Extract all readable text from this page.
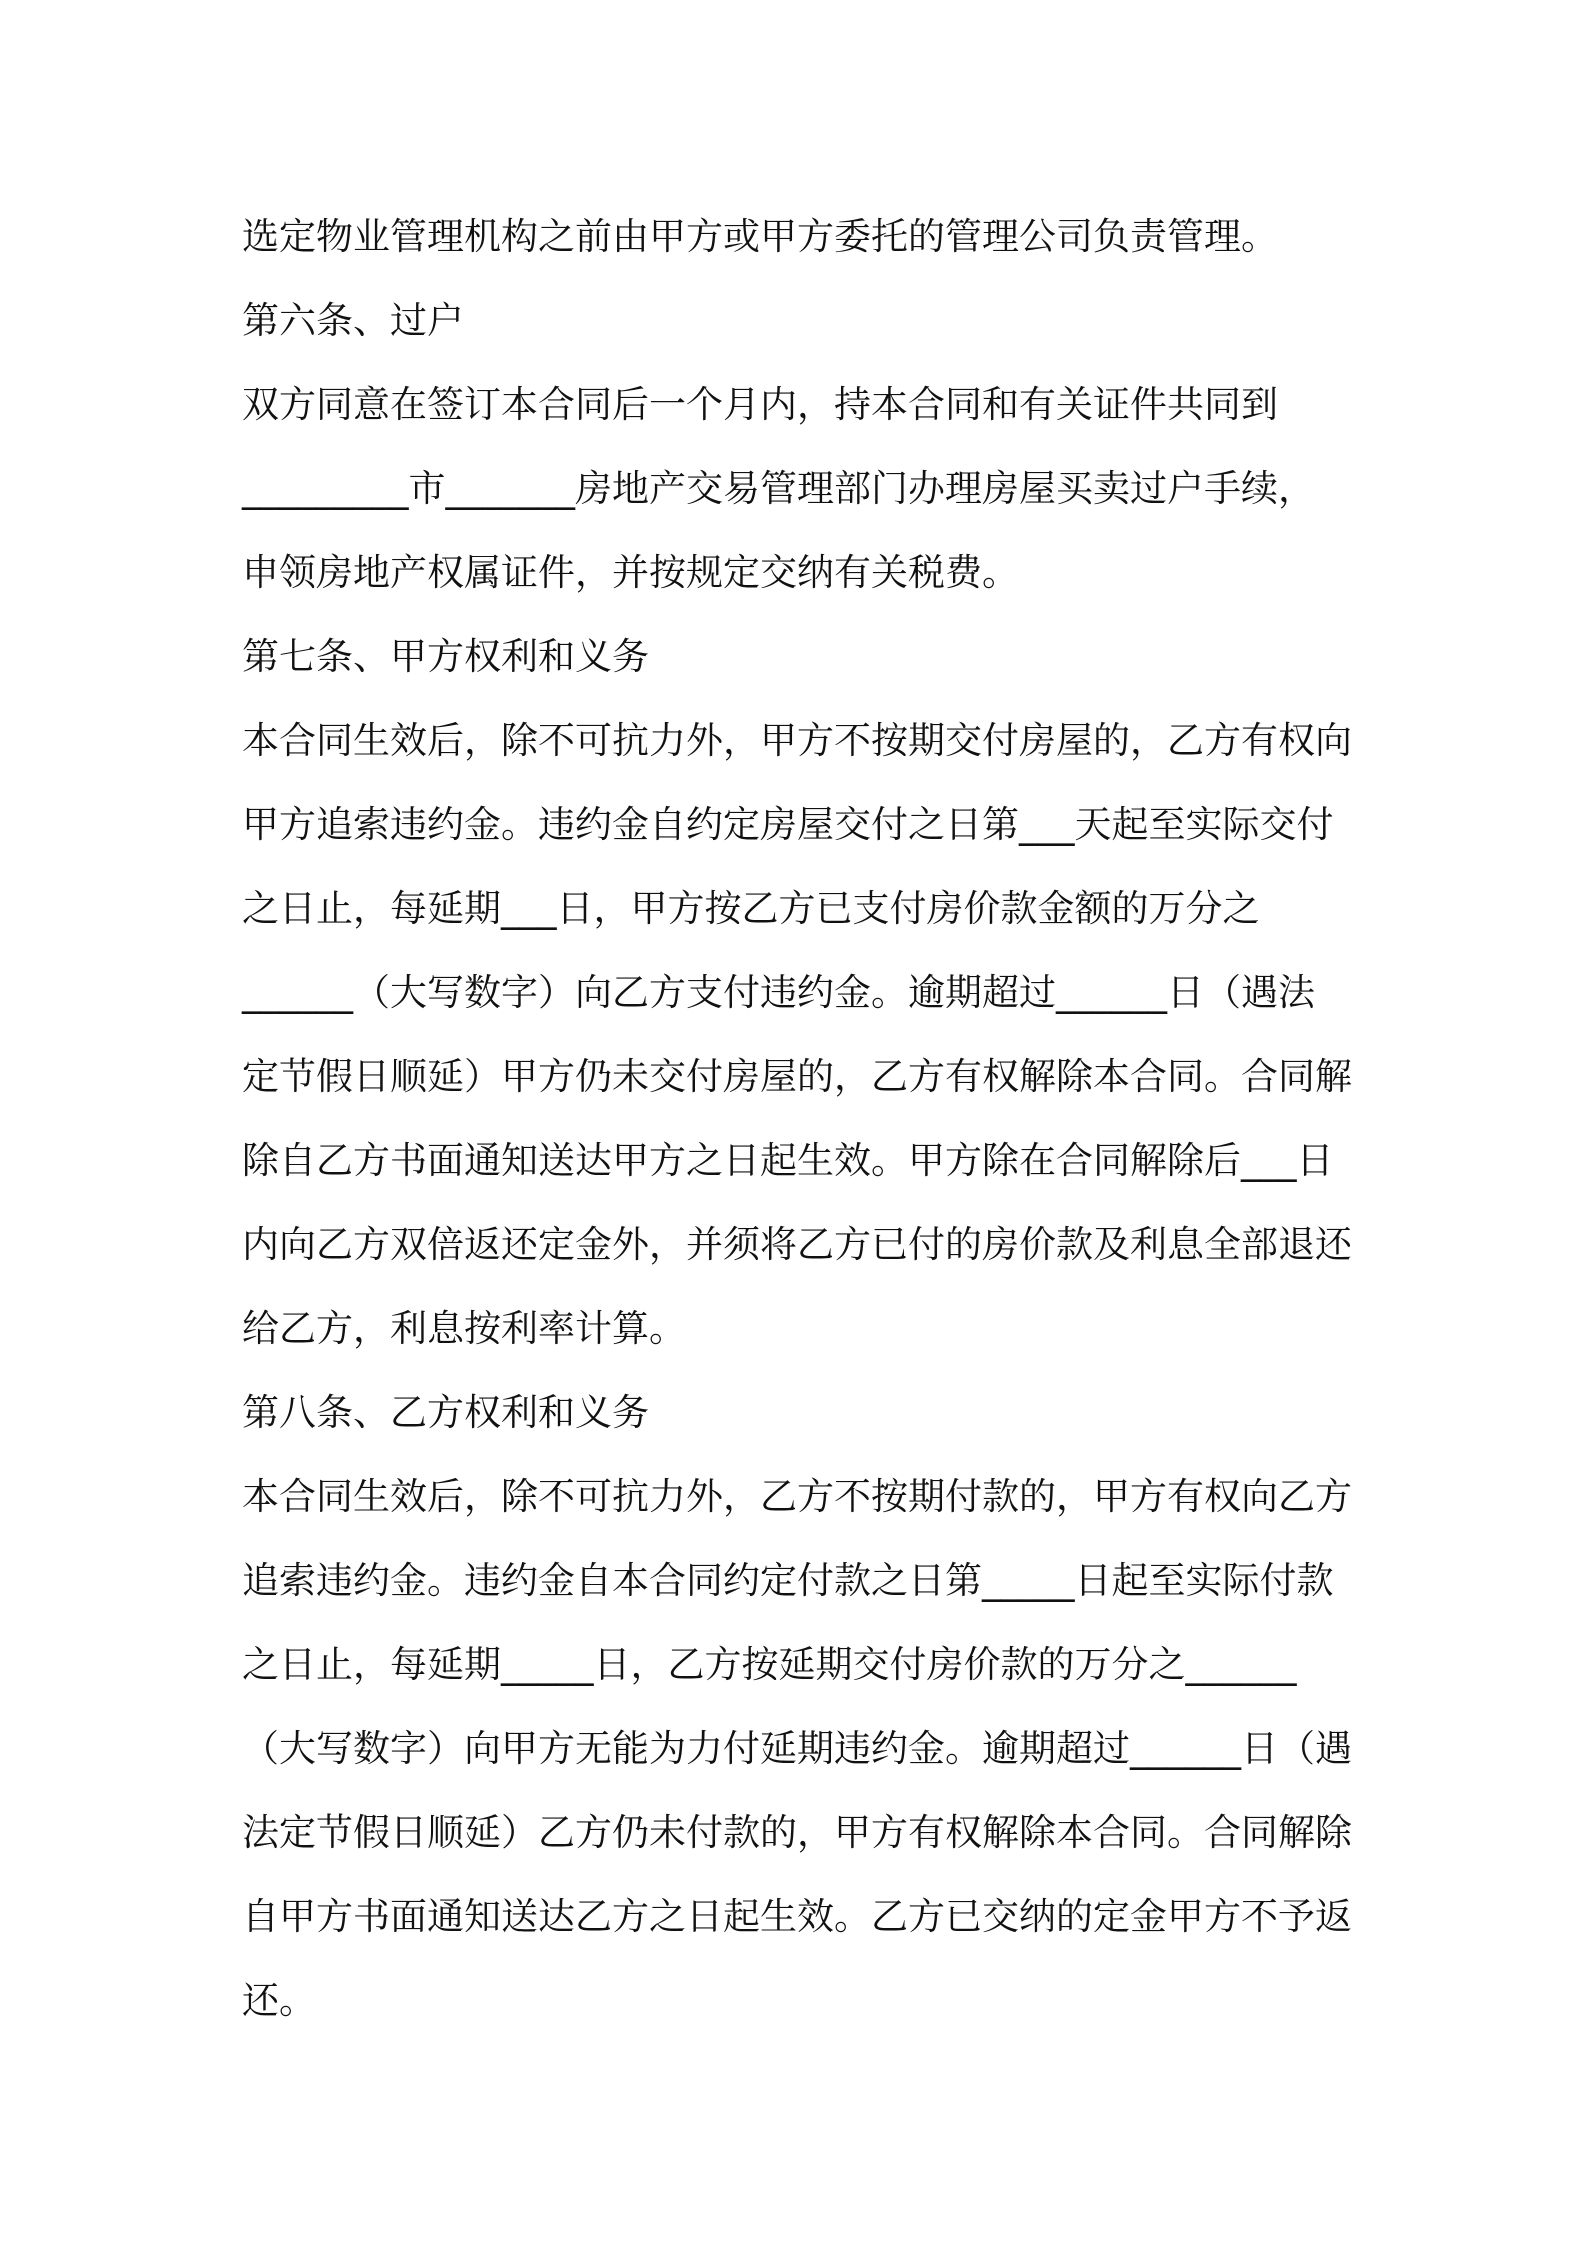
选定物业管理机构之前由甲方或甲方委托的管理公司负责管理。
第六条、过户
双方同意在签订本合同后一个月内，持本合同和有关证件共同到
_________市_______房地产交易管理部门办理房屋买卖过户手续，
申领房地产权属证件，并按规定交纳有关税费。
第七条、甲方权利和义务
本合同生效后，除不可抗力外，甲方不按期交付房屋的，乙方有权向
甲方追索违约金。违约金自约定房屋交付之日第___天起至实际交付
之日止，每延期___日，甲方按乙方已支付房价款金额的万分之
______（大写数字）向乙方支付违约金。逾期超过______日（遇法
定节假日顺延）甲方仍未交付房屋的，乙方有权解除本合同。合同解
除自乙方书面通知送达甲方之日起生效。甲方除在合同解除后___日
内向乙方双倍返还定金外，并须将乙方已付的房价款及利息全部退还
给乙方，利息按利率计算。
第八条、乙方权利和义务
本合同生效后，除不可抗力外，乙方不按期付款的，甲方有权向乙方
追索违约金。违约金自本合同约定付款之日第_____日起至实际付款
之日止，每延期_____日，乙方按延期交付房价款的万分之______
（大写数字）向甲方无能为力付延期违约金。逾期超过______日（遇
法定节假日顺延）乙方仍未付款的，甲方有权解除本合同。合同解除
自甲方书面通知送达乙方之日起生效。乙方已交纳的定金甲方不予返
还。
